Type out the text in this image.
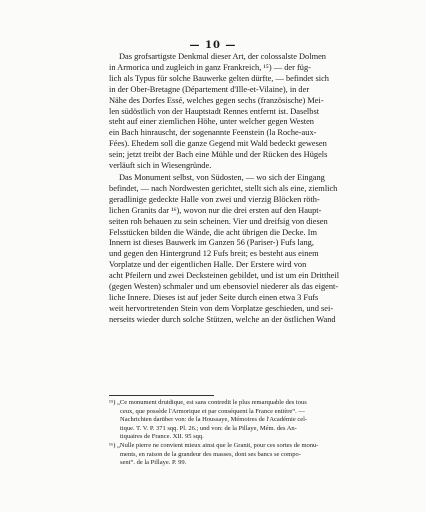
— 10 —
Das grofsartigste Denkmal dieser Art, der colossalste Dolmen
in Armorica und zugleich in ganz Frankreich, ¹⁵) — der füg-
lich als Typus für solche Bauwerke gelten dürfte, — befindet sich
in der Ober-Bretagne (Département d'Ille-et-Vilaine), in der
Nähe des Dorfes Essé, welches gegen sechs (französische) Mei-
len südöstlich von der Hauptstadt Rennes entfernt ist. Daselbst
steht auf einer ziemlichen Höhe, unter welcher gegen Westen
ein Bach hinrauscht, der sogenannte Feenstein (la Roche-aux-
Fées). Ehedem soll die ganze Gegend mit Wald bedeckt gewesen
sein; jetzt treibt der Bach eine Mühle und der Rücken des Hügels
verläuft sich in Wiesengründe.
Das Monument selbst, von Südosten, — wo sich der Eingang
befindet, — nach Nordwesten gerichtet, stellt sich als eine, ziemlich
geradlinige gedeckte Halle von zwei und vierzig Blöcken röth-
lichen Granits dar ¹⁶), wovon nur die drei ersten auf den Haupt-
seiten roh behauen zu sein scheinen. Vier und dreifsig von diesen
Felsstücken bilden die Wände, die acht übrigen die Decke. Im
Innern ist dieses Bauwerk im Ganzen 56 (Pariser-) Fufs lang,
und gegen den Hintergrund 12 Fufs breit; es besteht aus einem
Vorplatze und der eigentlichen Halle. Der Erstere wird von
acht Pfeilern und zwei Decksteinen gebildet, und ist um ein Drittheil
(gegen Westen) schmaler und um ebensoviel niederer als das eigent-
liche Innere. Dieses ist auf jeder Seite durch einen etwa 3 Fufs
weit hervortretenden Stein von dem Vorplatze geschieden, und sei-
nerseits wieder durch solche Stützen, welche an der östlichen Wand
¹⁵) „Ce monument druidique, est sans contredit le plus remarquable des tous
ceux, que possède l'Armorique et par conséquent la France entière“. —
Nachrichten darüber von: de la Houssaye, Mémoires de l'Académie cel-
tique. T. V. P. 371 sqq. Pl. 26.; und von: de la Pillaye, Mém. des An-
tiquaires de France. XII. 95 sqq.
¹⁶) „Nulle pierre ne convient mieux ainsi que le Granit, pour ces sortes de monu-
ments, en raison de la grandeur des masses, dont ses bancs se compo-
sent“. de la Pillaye. P. 99.
